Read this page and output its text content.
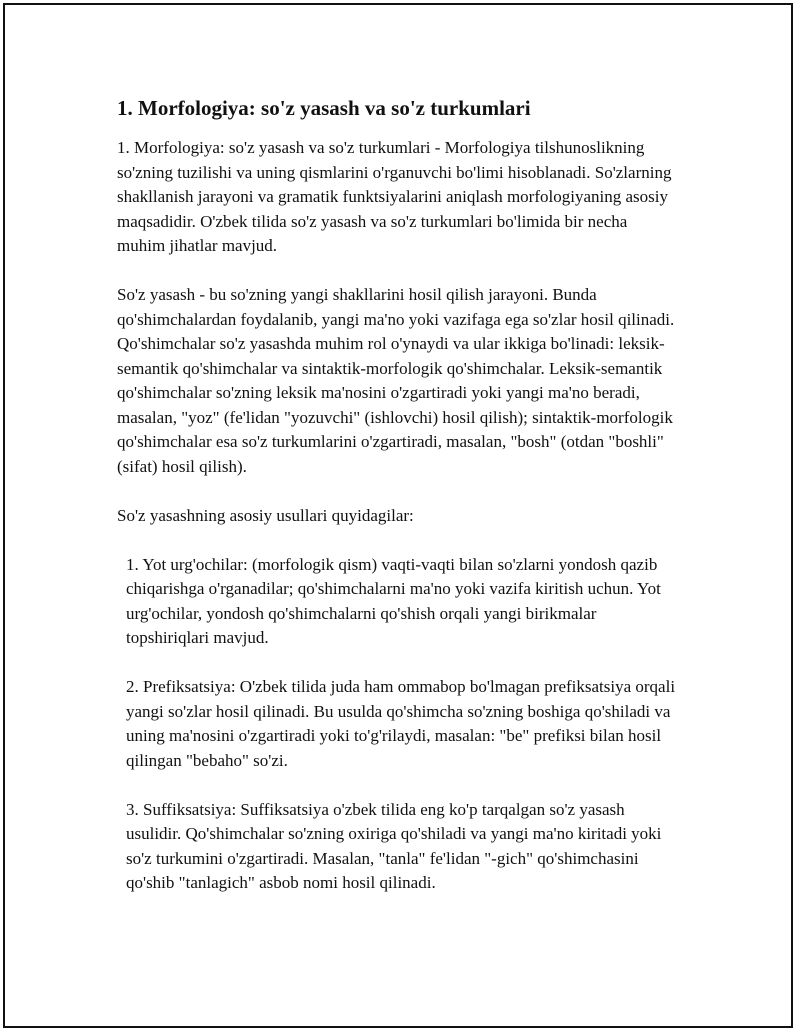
1. Morfologiya: so'z yasash va so'z turkumlari

1. Morfologiya: so'z yasash va so'z turkumlari - Morfologiya tilshunoslikning so'zning tuzilishi va uning qismlarini o'rganuvchi bo'limi hisoblanadi. So'zlarning shakllanish jarayoni va gramatik funktsiyalarini aniqlash morfologiyaning asosiy maqsadidir. O'zbek tilida so'z yasash va so'z turkumlari bo'limida bir necha muhim jihatlar mavjud.

So'z yasash - bu so'zning yangi shakllarini hosil qilish jarayoni. Bunda qo'shimchalardan foydalanib, yangi ma'no yoki vazifaga ega so'zlar hosil qilinadi. Qo'shimchalar so'z yasashda muhim rol o'ynaydi va ular ikkiga bo'linadi: leksik-semantik qo'shimchalar va sintaktik-morfologik qo'shimchalar. Leksik-semantik qo'shimchalar so'zning leksik ma'nosini o'zgartiradi yoki yangi ma'no beradi, masalan, "yoz" (fe'lidan "yozuvchi" (ishlovchi) hosil qilish); sintaktik-morfologik qo'shimchalar esa so'z turkumlarini o'zgartiradi, masalan, "bosh" (otdan "boshli" (sifat) hosil qilish).

So'z yasashning asosiy usullari quyidagilar:

1. Yot urg'ochilar: (morfologik qism) vaqti-vaqti bilan so'zlarni yondosh qazib chiqarishga o'rganadilar; qo'shimchalarni ma'no yoki vazifa kiritish uchun. Yot urg'ochilar, yondosh qo'shimchalarni qo'shish orqali yangi birikmalar topshiriqlari mavjud.

2. Prefiksatsiya: O'zbek tilida juda ham ommabop bo'lmagan prefiksatsiya orqali yangi so'zlar hosil qilinadi. Bu usulda qo'shimcha so'zning boshiga qo'shiladi va uning ma'nosini o'zgartiradi yoki to'g'rilaydi, masalan: "be" prefiksi bilan hosil qilingan "bebaho" so'zi.

3. Suffiksatsiya: Suffiksatsiya o'zbek tilida eng ko'p tarqalgan so'z yasash usulidir. Qo'shimchalar so'zning oxiriga qo'shiladi va yangi ma'no kiritadi yoki so'z turkumini o'zgartiradi. Masalan, "tanla" fe'lidan "-gich" qo'shimchasini qo'shib "tanlagich" asbob nomi hosil qilinadi.
